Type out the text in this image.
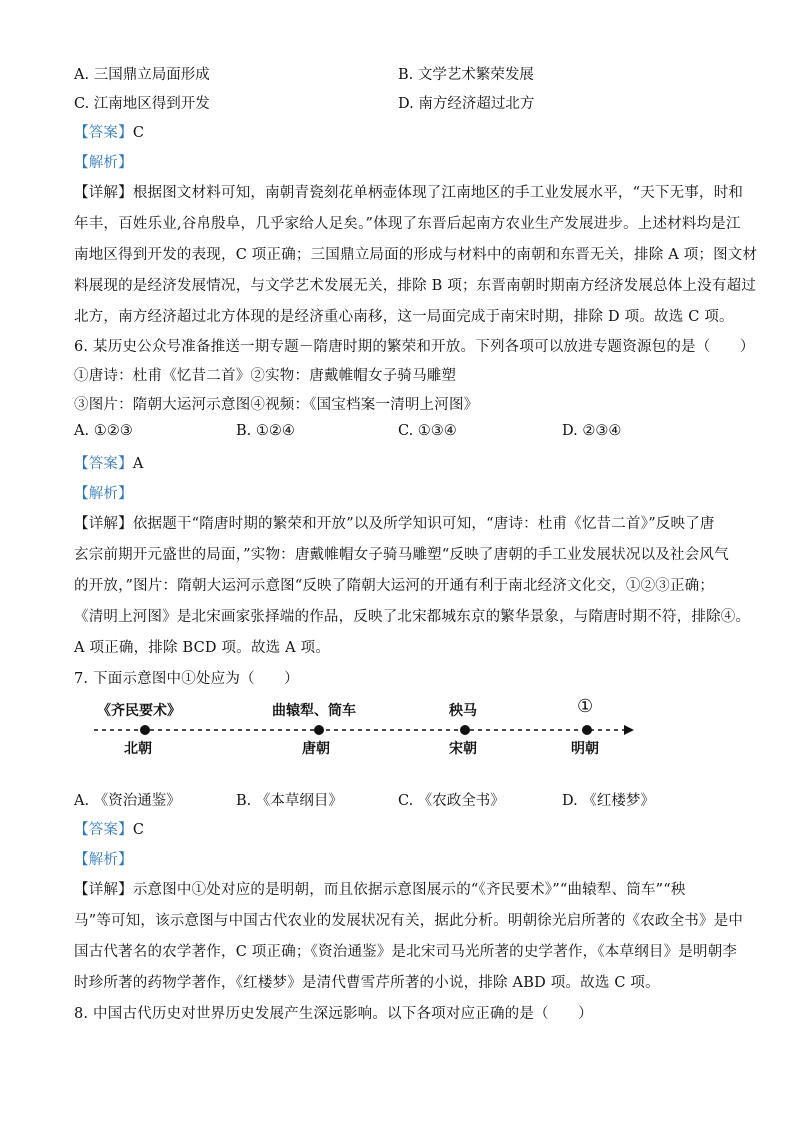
A. 三国鼎立局面形成	B. 文学艺术繁荣发展
C. 江南地区得到开发	D. 南方经济超过北方
【答案】C
【解析】
【详解】根据图文材料可知，南朝青瓷刻花单柄壶体现了江南地区的手工业发展水平，“天下无事，时和
年丰，百姓乐业,谷帛殷阜，几乎家给人足矣。”体现了东晋后起南方农业生产发展进步。上述材料均是江
南地区得到开发的表现，C 项正确；三国鼎立局面的形成与材料中的南朝和东晋无关，排除 A 项；图文材
料展现的是经济发展情况，与文学艺术发展无关，排除 B 项；东晋南朝时期南方经济发展总体上没有超过
北方，南方经济超过北方体现的是经济重心南移，这一局面完成于南宋时期，排除 D 项。故选 C 项。
6. 某历史公众号准备推送一期专题－隋唐时期的繁荣和开放。下列各项可以放进专题资源包的是（　　）
①唐诗：杜甫《忆昔二首》②实物：唐戴帷帽女子骑马雕塑
③图片：隋朝大运河示意图④视频：《国宝档案一清明上河图》
A. ①②③	B. ①②④	C. ①③④	D. ②③④
【答案】A
【解析】
【详解】依据题干“隋唐时期的繁荣和开放”以及所学知识可知，“唐诗：杜甫《忆昔二首》”反映了唐
玄宗前期开元盛世的局面，”实物：唐戴帷帽女子骑马雕塑“反映了唐朝的手工业发展状况以及社会风气
的开放，”图片：隋朝大运河示意图“反映了隋朝大运河的开通有利于南北经济文化交，①②③正确；
《清明上河图》是北宋画家张择端的作品，反映了北宋都城东京的繁华景象，与隋唐时期不符，排除④。
A 项正确，排除 BCD 项。故选 A 项。
7. 下面示意图中①处应为（　　）
《齐民要术》	曲辕犁、筒车	秧马	①
北朝	唐朝	宋朝	明朝
A. 《资治通鉴》	B. 《本草纲目》	C. 《农政全书》	D. 《红楼梦》
【答案】C
【解析】
【详解】示意图中①处对应的是明朝，而且依据示意图展示的“《齐民要术》”“曲辕犁、筒车”“秧
马”等可知，该示意图与中国古代农业的发展状况有关，据此分析。明朝徐光启所著的《农政全书》是中
国古代著名的农学著作，C 项正确；《资治通鉴》是北宋司马光所著的史学著作，《本草纲目》是明朝李
时珍所著的药物学著作，《红楼梦》是清代曹雪芹所著的小说，排除 ABD 项。故选 C 项。
8. 中国古代历史对世界历史发展产生深远影响。以下各项对应正确的是（　　）
